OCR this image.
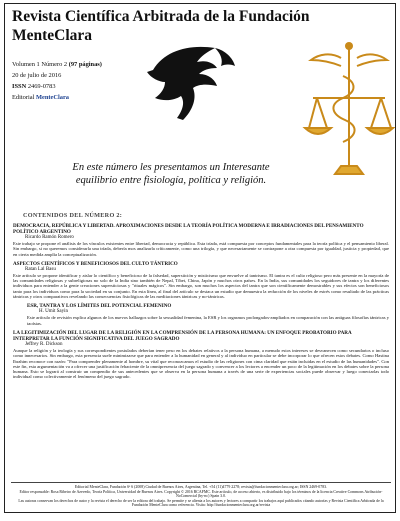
Revista Científica Arbitrada de la Fundación MenteClara
Volumen 1 Número 2 (97 páginas)
20 de julio de 2016
ISSN 2469-0783
Editorial MenteClara
En este número les presentamos un Interesante equilibrio entre fisiología, política y religión.
CONTENIDOS DEL NÚMERO 2:
DEMOCRACIA, REPÚBLICA Y LIBERTAD. APROXIMACIONES DESDE LA TEORÍA POLÍTICA MODERNA E IRRADIACIONES DEL PENSAMIENTO POLÍTICO ARGENTINO
Ricardo Ramón Romero
Este trabajo se propone el análisis de los vínculos existentes entre libertad, democracia y república. Esta tríada, está compuesta por conceptos fundamentales para la teoría política y el pensamiento liberal. Sin embargo, si no queremos considerarla una tríada, debería mos analizarla críticamente, como una trilogía, y que necesariamente se contrapone a otra compuesta por igualdad, justicia y propiedad, que en cierta medida amplía la conceptualización.
ASPECTOS CIENTÍFICOS Y BENEFICIOSOS DEL CULTO TÁNTRICO
Ratan Lal Basu
Este artículo se propone identificar y aislar lo científico y beneficioso de la falsedad, superstición y misticismo que envuelve al tantrismo. El tantra es el culto religioso pero más presente en la mayoría de las comunidades religiosas y subreligiosas no solo de la India sino también de Nepal, Tíbet, China, Japón y muchos otros países. En la India, sus comunidades los seguidores de tantra y los diferentes individuos para entender a la gente creaciones supersticiosas y "rituales mágicos". Sin embargo, son muchos los aspectos del tantra que son científicamente demostrables y sus efectos son beneficiosos tanto para los individuos como para la sociedad en su conjunto. En esta línea, al final del artículo se destaca un estudio que demuestra la reducción de los niveles de estrés como resultado de las prácticas tántricas y otros comparativos revelando las consecuencias fisiológicas de las meditaciones tántricas y no-tántricas.
ESR, TANTRA Y LOS LÍMITES DEL POTENCIAL FEMENINO
H. Umit Sayin
Este artículo de revisión explica algunos de los nuevos hallazgos sobre la sexualidad femenina, la ESR y los orgasmos prolongados-ampliados en comparación con las antiguas filosofías tántricas y taoístas.
LA LEGITIMIZACIÓN DEL LUGAR DE LA RELIGIÓN EN LA COMPRENSIÓN DE LA PERSONA HUMANA: UN ENFOQUE PROBATORIO PARA INTERPRETAR LA FUNCIÓN SIGNIFICATIVA DEL JUEGO SAGRADO
Jeffrey R. Dickson
Aunque la religión y la teología y sus correspondientes postulados deberían tener peso en los debates relativos a la persona humana, a menudo estos intereses se desvanecen como secundarios o incluso como innecesarios. Sin embargo, esta presencia suele minimizarse que para entender a la humanidad en general y al individuo en particular se debe incorporar lo que ofrecen estos debates. Como Hastina Ibrahim reconoce con razón: "Para comprender plenamente al hombre, su vital que reconozcamos el estudio de las religiones con cima claridad que están incluidas en el estudio de las humanidades". Con este fin, esta argumentación va a ofrecer una justificación fehaciente de la omnipresencia del juego sagrado y convencer a los lectores a encender un poco de la legitimación en los debates sobre la persona humana. Esto se logrará al construir un compendio de sus antecedentes que se observa en la persona humana a través de una serie de experiencias sociales puede observar y luego conectarlas todo individual como colectivamente el fenómeno del juego sagrado.
Editorial MenteClara, Fundación 6ª 6 (2008) Ciudad de Buenos Aires, Argentina, Tel. +54 (11)4779 2278; revista@fundacionmenteclara.org.ar; ISSN 2469-0783.
Editor responsable: Rosa Ribeiro de Azevedo, Teoría Política, Universidad de Buenos Aires. Copyright © 2016 RCAFMC. Este artículo, de acceso abierto, es distribuido bajo los términos de la licencia Creative Commons Atribución-NoComercial (by-nc) Spain 3.0.
Las autoras conservan los derechos de autor y la revista el derecho de ser la editora del trabajo. Se permite y se alienta a los autores y lectores a compartir los trabajos aquí publicados citando autorías y Revista Científica Arbitrada de la Fundación MenteClara como referencia. Visita: http://fundacionmenteclara.org.ar/revista
